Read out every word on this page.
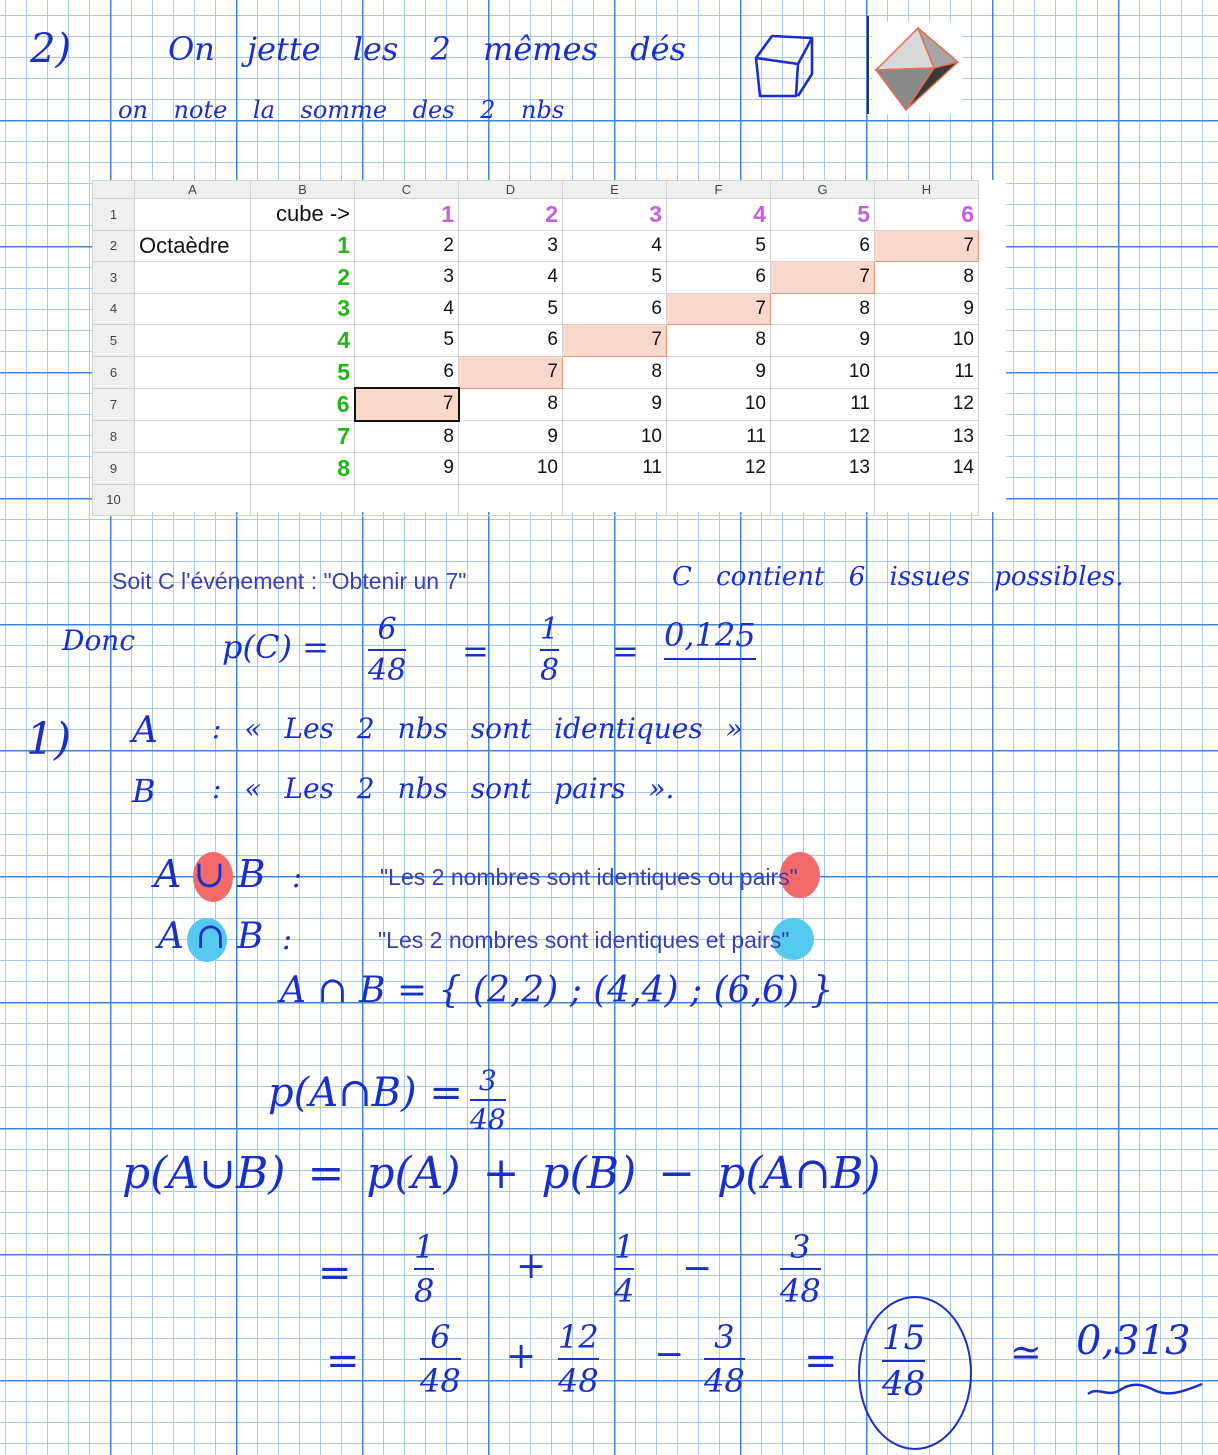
2)	On jette les 2 mêmes dés
on note la somme des 2 nbs
	A	B	C	D	E	F	G	H
1		cube ->	1	2	3	4	5	6
2	Octaèdre	1	2	3	4	5	6	7
3		2	3	4	5	6	7	8
4		3	4	5	6	7	8	9
5		4	5	6	7	8	9	10
6		5	6	7	8	9	10	11
7		6	7	8	9	10	11	12
8		7	8	9	10	11	12	13
9		8	9	10	11	12	13	14
10								
Soit C l'événement : "Obtenir un 7"	C contient 6 issues possibles.
Donc	p(C) = 6
48
=
1
8
= 0,125
1) A : « Les 2 nbs sont identiques »
B : « Les 2 nbs sont pairs ».
A ∪ B :	"Les 2 nombres sont identiques ou pairs"
A ∩ B :	"Les 2 nombres sont identiques et pairs"
A ∩ B = { (2,2) ; (4,4) ; (6,6) }
p(A∩B) = 3
48
p(A∪B) = p(A) + p(B) − p(A∩B)
=
1
8
+ 1
4
−
3
48
=
6
48
+ 12
48
− 3
48 = 15
48
≃ 0,313
